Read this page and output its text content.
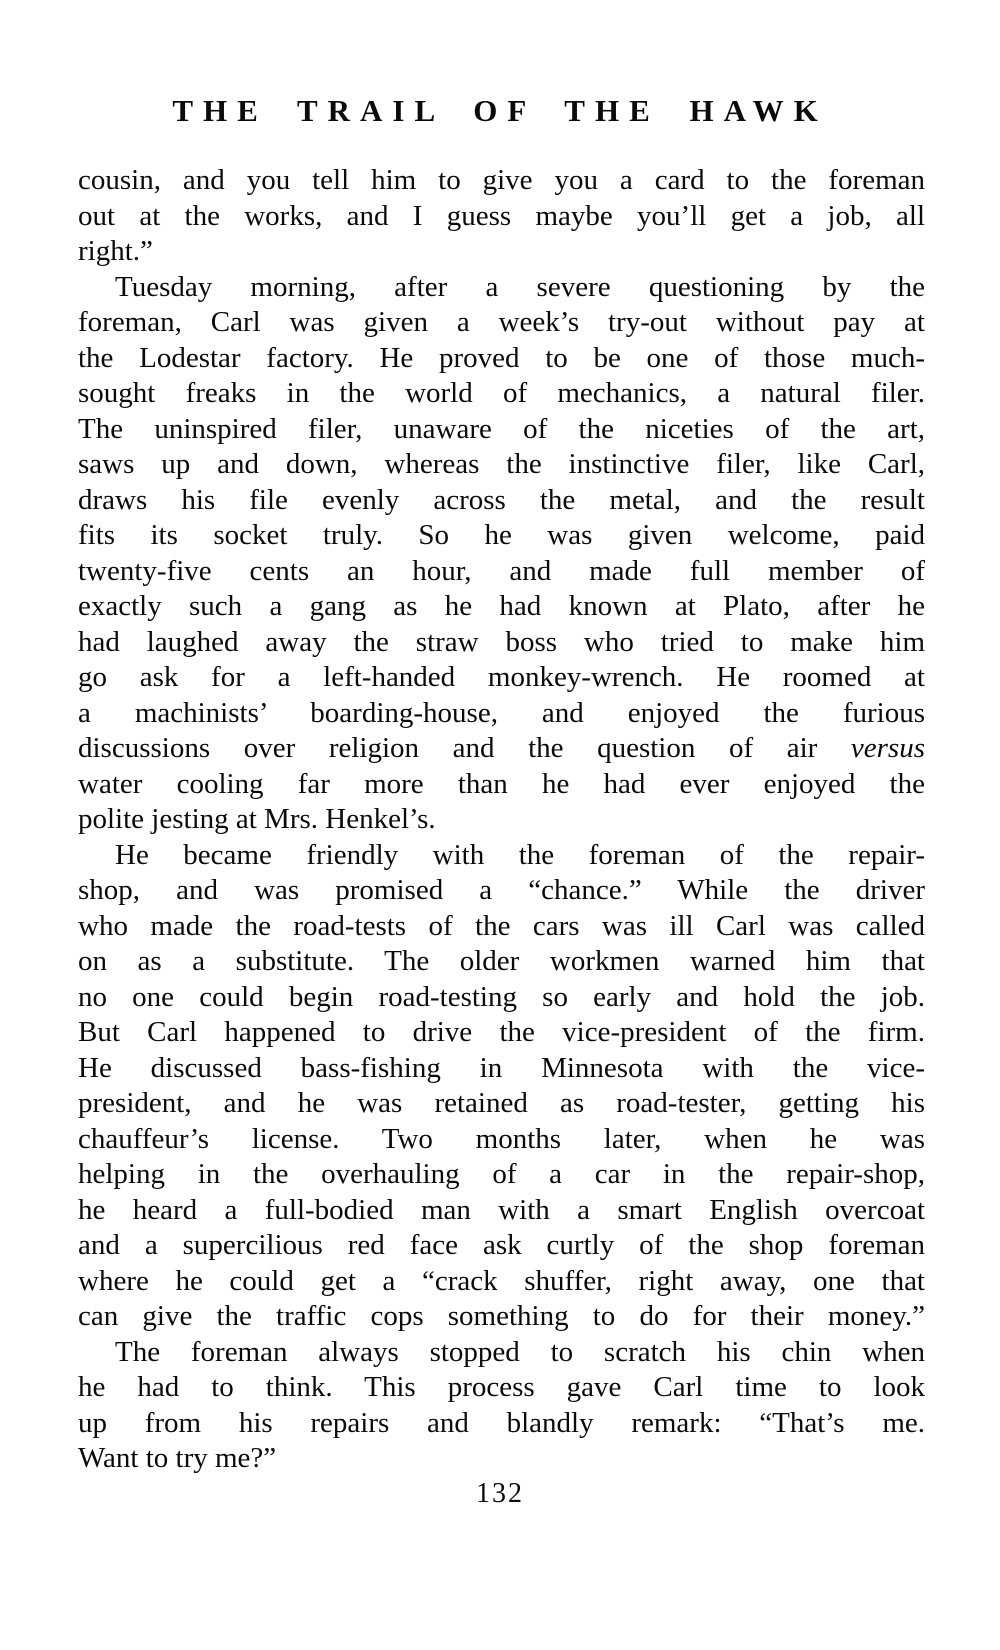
THE TRAIL OF THE HAWK
cousin, and you tell him to give you a card to the foreman
out at the works, and I guess maybe you’ll get a job, all
right.”
Tuesday morning, after a severe questioning by the
foreman, Carl was given a week’s try-out without pay at
the Lodestar factory. He proved to be one of those much-
sought freaks in the world of mechanics, a natural filer.
The uninspired filer, unaware of the niceties of the art,
saws up and down, whereas the instinctive filer, like Carl,
draws his file evenly across the metal, and the result
fits its socket truly. So he was given welcome, paid
twenty-five cents an hour, and made full member of
exactly such a gang as he had known at Plato, after he
had laughed away the straw boss who tried to make him
go ask for a left-handed monkey-wrench. He roomed at
a machinists’ boarding-house, and enjoyed the furious
discussions over religion and the question of air versus
water cooling far more than he had ever enjoyed the
polite jesting at Mrs. Henkel’s.
He became friendly with the foreman of the repair-
shop, and was promised a “chance.” While the driver
who made the road-tests of the cars was ill Carl was called
on as a substitute. The older workmen warned him that
no one could begin road-testing so early and hold the job.
But Carl happened to drive the vice-president of the firm.
He discussed bass-fishing in Minnesota with the vice-
president, and he was retained as road-tester, getting his
chauffeur’s license. Two months later, when he was
helping in the overhauling of a car in the repair-shop,
he heard a full-bodied man with a smart English overcoat
and a supercilious red face ask curtly of the shop foreman
where he could get a “crack shuffer, right away, one that
can give the traffic cops something to do for their money.”
The foreman always stopped to scratch his chin when
he had to think. This process gave Carl time to look
up from his repairs and blandly remark: “That’s me.
Want to try me?”
132
